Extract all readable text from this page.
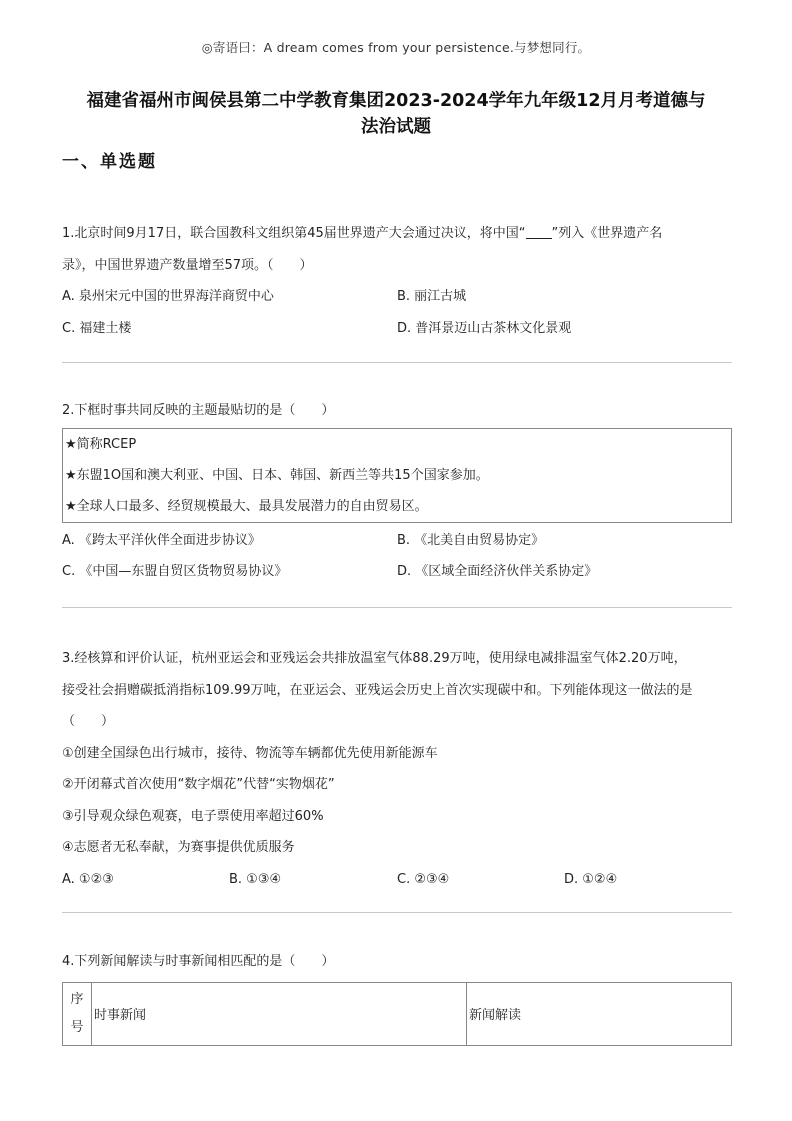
◎寄语曰：A dream comes from your persistence.与梦想同行。
福建省福州市闽侯县第二中学教育集团2023-2024学年九年级12月月考道德与
法治试题
一、单选题
1.北京时间9月17日，联合国教科文组织第45届世界遗产大会通过决议，将中国“ ”列入《世界遗产名
录》，中国世界遗产数量增至57项。（　　）
A. 泉州宋元中国的世界海洋商贸中心	B. 丽江古城
C. 福建土楼	D. 普洱景迈山古茶林文化景观
2.下框时事共同反映的主题最贴切的是（　　）
★简称RCEP
★东盟1O国和澳大利亚、中国、日本、韩国、新西兰等共15个国家参加。
★全球人口最多、经贸规模最大、最具发展潜力的自由贸易区。
A. 《跨太平洋伙伴全面进步协议》	B. 《北美自由贸易协定》
C. 《中国—东盟自贸区货物贸易协议》	D. 《区域全面经济伙伴关系协定》
3.经核算和评价认证，杭州亚运会和亚残运会共排放温室气体88.29万吨，使用绿电减排温室气体2.20万吨，
接受社会捐赠碳抵消指标109.99万吨，在亚运会、亚残运会历史上首次实现碳中和。下列能体现这一做法的是
（　　）
①创建全国绿色出行城市，接待、物流等车辆都优先使用新能源车
②开闭幕式首次使用“数字烟花”代替“实物烟花”
③引导观众绿色观赛，电子票使用率超过60%
④志愿者无私奉献，为赛事提供优质服务
A. ①②③	B. ①③④	C. ②③④	D. ①②④
4.下列新闻解读与时事新闻相匹配的是（　　）
序
号
	时事新闻	新闻解读
